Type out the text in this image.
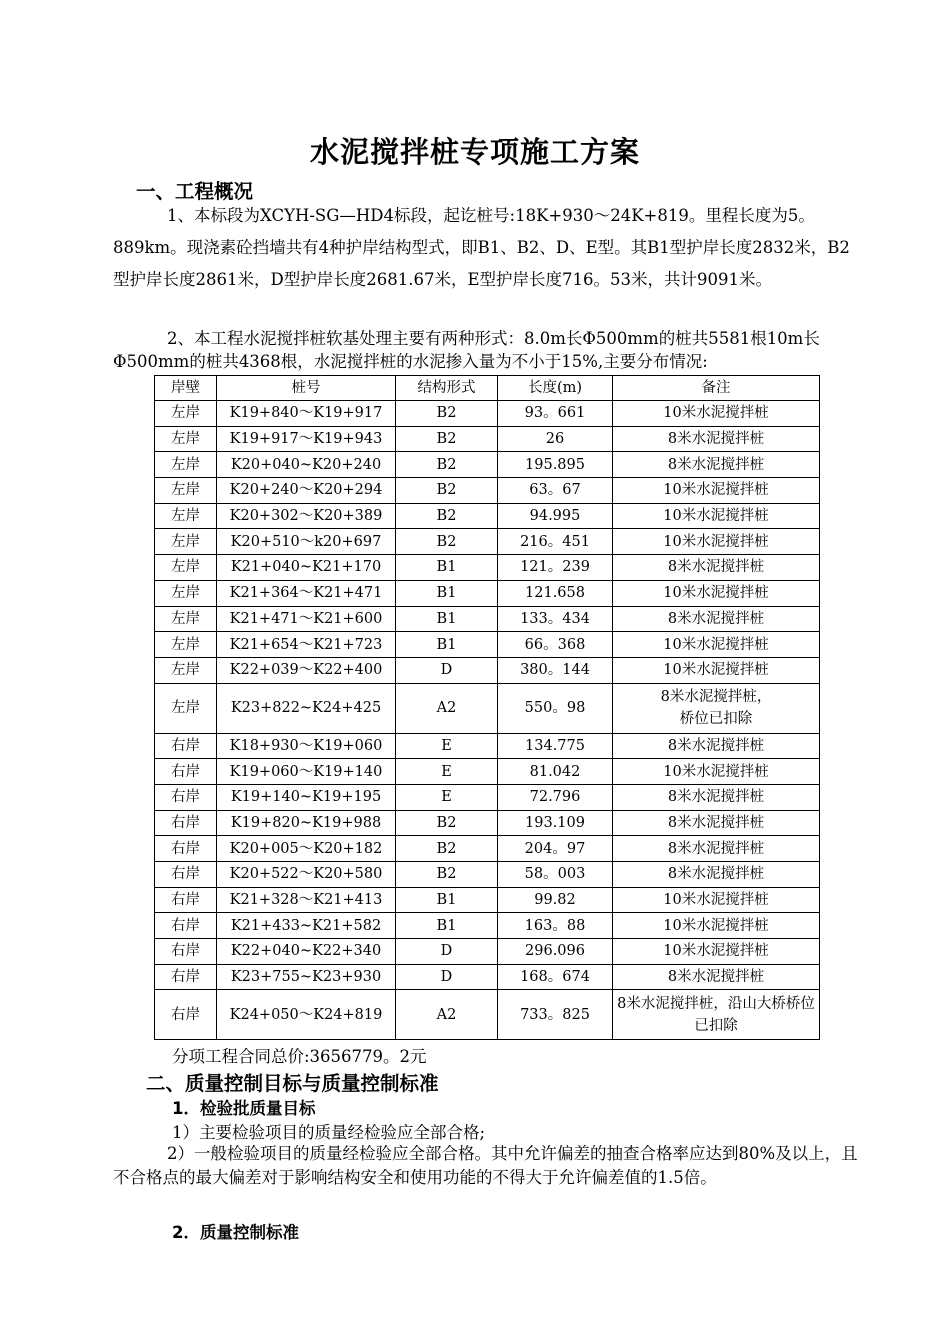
水泥搅拌桩专项施工方案
一、工程概况

1、本标段为XCYH-SG—HD4标段，起讫桩号:18K+930～24K+819。里程长度为5。889km。现浇素砼挡墙共有4种护岸结构型式，即B1、B2、D、E型。其B1型护岸长度2832米，B2型护岸长度2861米，D型护岸长度2681.67米，E型护岸长度716。53米，共计9091米。

2、本工程水泥搅拌桩软基处理主要有两种形式：8.0m长Φ500mm的桩共5581根10m长Φ500mm的桩共4368根，水泥搅拌桩的水泥掺入量为不小于15%,主要分布情况:

岸壁	桩号	结构形式	长度(m)	备注
左岸	K19+840～K19+917	B2	93。661	10米水泥搅拌桩
左岸	K19+917～K19+943	B2	26	8米水泥搅拌桩
左岸	K20+040~K20+240	B2	195.895	8米水泥搅拌桩
左岸	K20+240～K20+294	B2	63。67	10米水泥搅拌桩
左岸	K20+302～K20+389	B2	94.995	10米水泥搅拌桩
左岸	K20+510～k20+697	B2	216。451	10米水泥搅拌桩
左岸	K21+040~K21+170	B1	121。239	8米水泥搅拌桩
左岸	K21+364～K21+471	B1	121.658	10米水泥搅拌桩
左岸	K21+471～K21+600	B1	133。434	8米水泥搅拌桩
左岸	K21+654～K21+723	B1	66。368	10米水泥搅拌桩
左岸	K22+039～K22+400	D	380。144	10米水泥搅拌桩
左岸	K23+822~K24+425	A2	550。98	8米水泥搅拌桩，
桥位已扣除
右岸	K18+930～K19+060	E	134.775	8米水泥搅拌桩
右岸	K19+060～K19+140	E	81.042	10米水泥搅拌桩
右岸	K19+140~K19+195	E	72.796	8米水泥搅拌桩
右岸	K19+820~K19+988	B2	193.109	8米水泥搅拌桩
右岸	K20+005～K20+182	B2	204。97	8米水泥搅拌桩
右岸	K20+522～K20+580	B2	58。003	8米水泥搅拌桩
右岸	K21+328～K21+413	B1	99.82	10米水泥搅拌桩
右岸	K21+433~K21+582	B1	163。88	10米水泥搅拌桩
右岸	K22+040~K22+340	D	296.096	10米水泥搅拌桩
右岸	K23+755~K23+930	D	168。674	8米水泥搅拌桩
右岸	K24+050～K24+819	A2	733。825	8米水泥搅拌桩，沿山大桥桥位已扣除
分项工程合同总价:3656779。2元
二、质量控制目标与质量控制标准
1．检验批质量目标
1）主要检验项目的质量经检验应全部合格;

2）一般检验项目的质量经检验应全部合格。其中允许偏差的抽查合格率应达到80%及以上，且不合格点的最大偏差对于影响结构安全和使用功能的不得大于允许偏差值的1.5倍。

2．质量控制标准
